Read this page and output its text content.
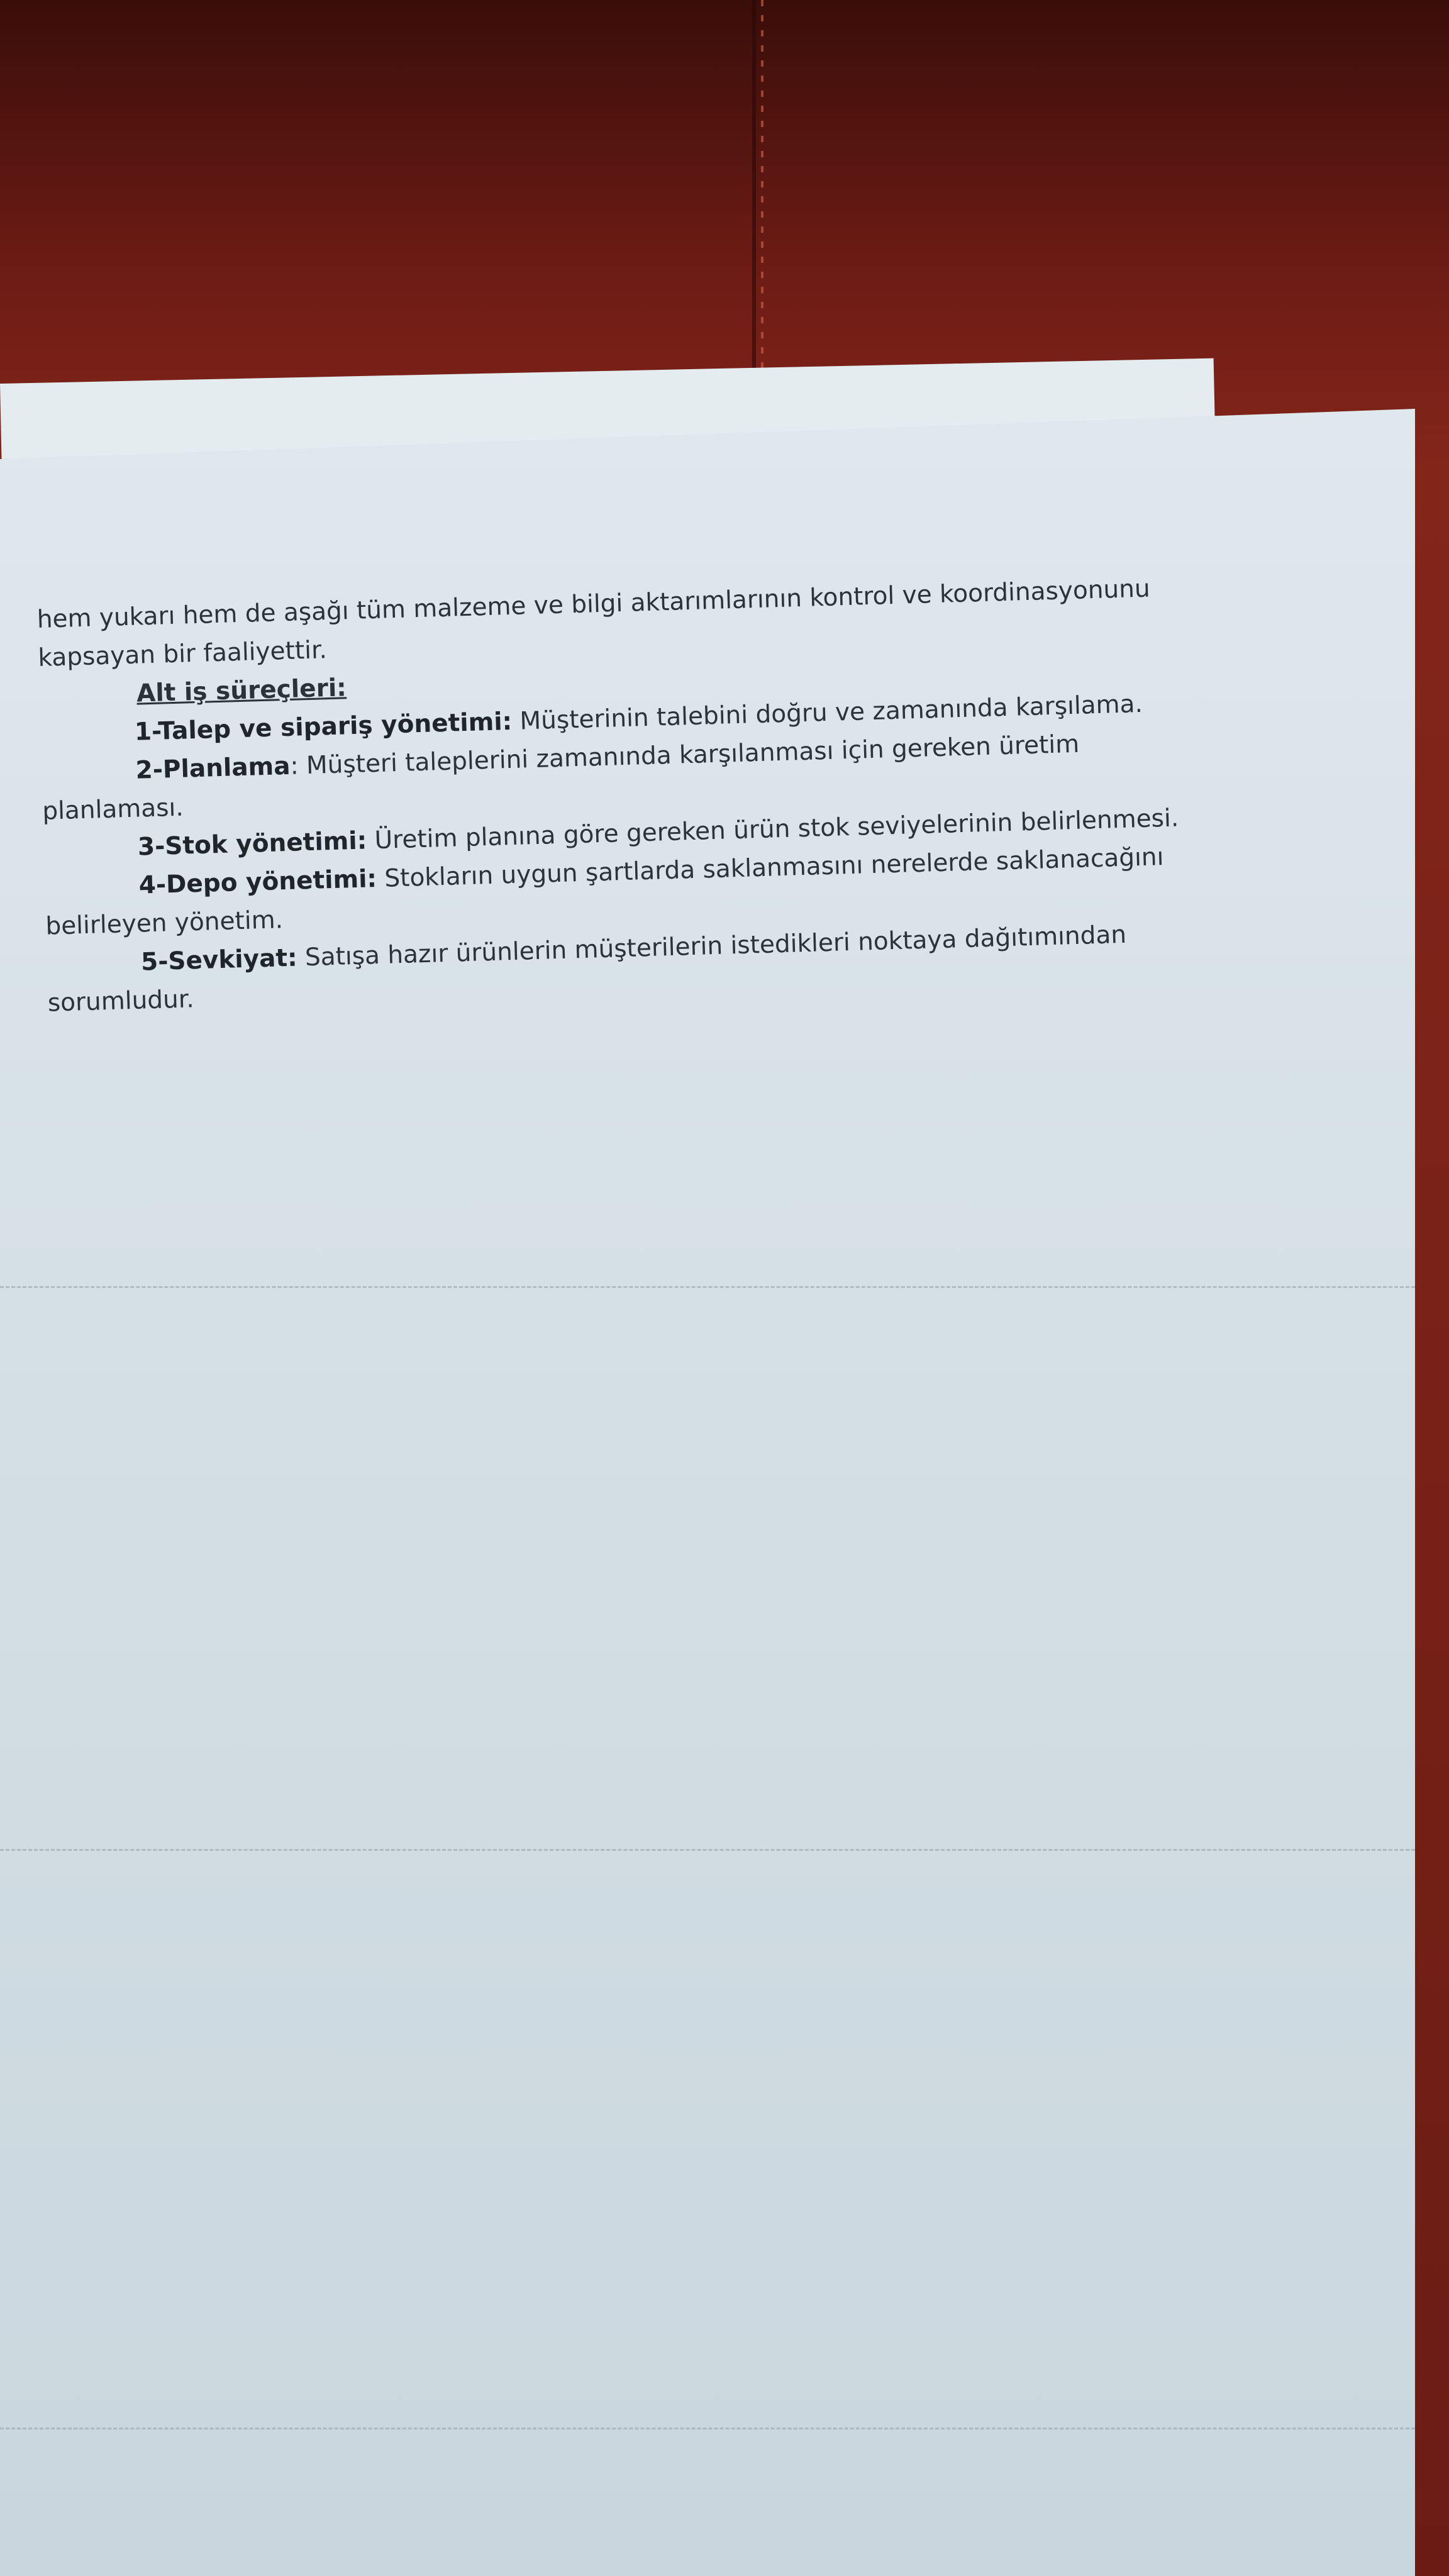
hem yukarı hem de aşağı tüm malzeme ve bilgi aktarımlarının kontrol ve koordinasyonunu

kapsayan bir faaliyettir.

Alt iş süreçleri:

1-Talep ve sipariş yönetimi: Müşterinin talebini doğru ve zamanında karşılama.

2-Planlama: Müşteri taleplerini zamanında karşılanması için gereken üretim

planlaması.

3-Stok yönetimi: Üretim planına göre gereken ürün stok seviyelerinin belirlenmesi.

4-Depo yönetimi: Stokların uygun şartlarda saklanmasını nerelerde saklanacağını

belirleyen yönetim.

5-Sevkiyat: Satışa hazır ürünlerin müşterilerin istedikleri noktaya dağıtımından

sorumludur.
